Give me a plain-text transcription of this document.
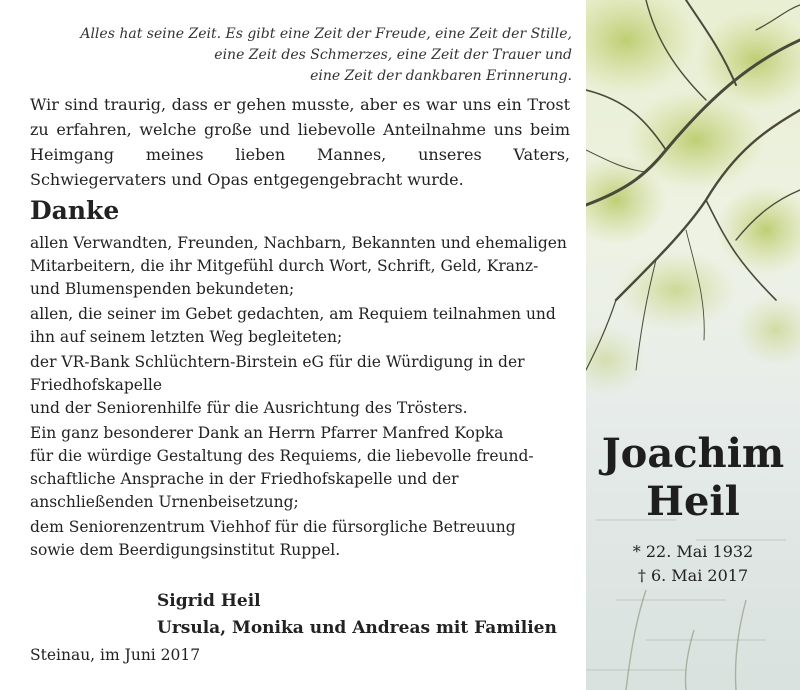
Alles hat seine Zeit. Es gibt eine Zeit der Freude, eine Zeit der Stille,
eine Zeit des Schmerzes, eine Zeit der Trauer und
eine Zeit der dankbaren Erinnerung.
Wir sind traurig, dass er gehen musste, aber es war uns ein Trost zu erfahren, welche große und liebevolle Anteilnahme uns beim Heimgang meines lieben Mannes, unseres Vaters, Schwiegervaters und Opas entgegengebracht wurde.
Danke

allen Verwandten, Freunden, Nachbarn, Bekannten und ehemaligen
Mitarbeitern, die ihr Mitgefühl durch Wort, Schrift, Geld, Kranz-
und Blumenspenden bekundeten;

allen, die seiner im Gebet gedachten, am Requiem teilnahmen und
ihn auf seinem letzten Weg begleiteten;

der VR-Bank Schlüchtern-Birstein eG für die Würdigung in der
Friedhofskapelle
und der Seniorenhilfe für die Ausrichtung des Trösters.

Ein ganz besonderer Dank an Herrn Pfarrer Manfred Kopka
für die würdige Gestaltung des Requiems, die liebevolle freund-
schaftliche Ansprache in der Friedhofskapelle und der
anschließenden Urnenbeisetzung;

dem Seniorenzentrum Viehhof für die fürsorgliche Betreuung
sowie dem Beerdigungsinstitut Ruppel.

Sigrid Heil
Ursula, Monika und Andreas mit Familien
Steinau, im Juni 2017
Joachim
Heil
* 22. Mai 1932
† 6. Mai 2017
